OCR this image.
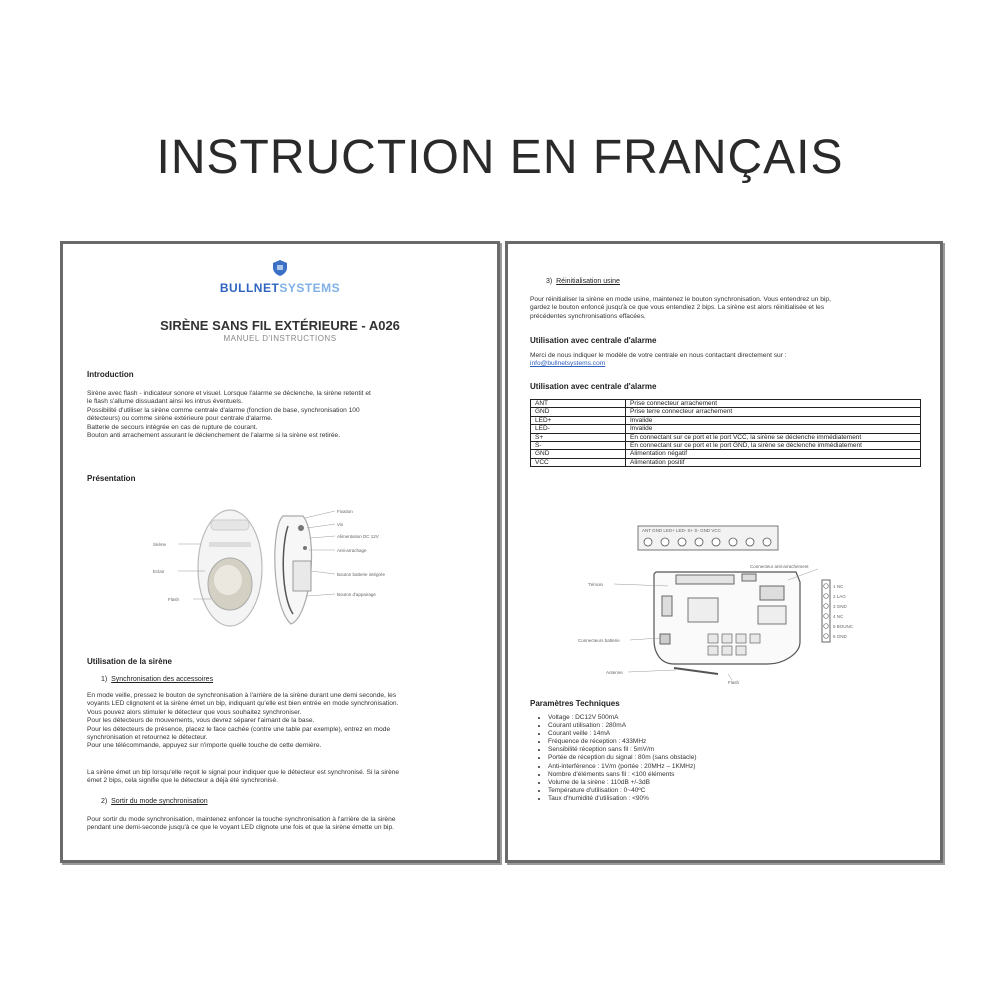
INSTRUCTION EN FRANÇAIS
BULLNETSYSTEMS
SIRÈNE SANS FIL EXTÉRIEURE - A026
MANUEL D'INSTRUCTIONS
Introduction
Sirène avec flash - indicateur sonore et visuel. Lorsque l'alarme se déclenche, la sirène retentit et
le flash s'allume dissuadant ainsi les intrus éventuels.
Possibilité d'utiliser la sirène comme centrale d'alarme (fonction de base, synchronisation 100
détecteurs) ou comme sirène extérieure pour centrale d'alarme.
Batterie de secours intégrée en cas de rupture de courant.
Bouton anti arrachement assurant le déclenchement de l'alarme si la sirène est retirée.
Présentation
Sirène
Eclair
Flash
Fixation
Vis
Alimentation DC 12V
Anti-arrachage
Bouton batterie intégrée
Bouton d'appairage
Utilisation de la sirène
1) Synchronisation des accessoires
En mode veille, pressez le bouton de synchronisation à l'arrière de la sirène durant une demi seconde, les
voyants LED clignotent et la sirène émet un bip, indiquant qu'elle est bien entrée en mode synchronisation.
Vous pouvez alors stimuler le détecteur que vous souhaitez synchroniser.
Pour les détecteurs de mouvements, vous devrez séparer l'aimant de la base.
Pour les détecteurs de présence, placez le face cachée (contre une table par exemple), entrez en mode
synchronisation et retournez le détecteur.
Pour une télécommande, appuyez sur n'importe quelle touche de cette dernière.
La sirène émet un bip lorsqu'elle reçoit le signal pour indiquer que le détecteur est synchronisé. Si la sirène
émet 2 bips, cela signifie que le détecteur a déjà été synchronisé.
2) Sortir du mode synchronisation
Pour sortir du mode synchronisation, maintenez enfoncer la touche synchronisation à l'arrière de la sirène
pendant une demi-seconde jusqu'à ce que le voyant LED clignote une fois et que la sirène émette un bip.
3) Réinitialisation usine
Pour réinitialiser la sirène en mode usine, maintenez le bouton synchronisation. Vous entendrez un bip,
gardez le bouton enfoncé jusqu'à ce que vous entendiez 2 bips. La sirène est alors réinitialisée et les
précédentes synchronisations effacées.
Utilisation avec centrale d'alarme
Merci de nous indiquer le modèle de votre centrale en nous contactant directement sur :
info@bullnetsystems.com
Utilisation avec centrale d'alarme
ANT	Prise connecteur arrachement
GND	Prise terre connecteur arrachement
LED+	Invalide
LED-	Invalide
S+	En connectant sur ce port et le port VCC, la sirène se déclenche immédiatement
S-	En connectant sur ce port et le port GND, la sirène se déclenche immédiatement
GND	Alimentation négatif
VCC	Alimentation positif
ANT GND LED+ LED- S+ S- GND VCC
1 NC
2 LAG
3 GND
4 NC
5 BOUNC
6 GND
Témoin
Connecteur anti-arrachement
Connecteurs batterie
Antenne
Flash
Paramètres Techniques
• Voltage : DC12V 500mA
• Courant utilisation : 280mA
• Courant veille : 14mA
• Fréquence de réception : 433MHz
• Sensibilité réception sans fil : 5mV/m
• Portée de réception du signal : 80m (sans obstacle)
• Anti-interférence : 1V/m (portée : 20MHz – 1KMHz)
• Nombre d'éléments sans fil : <100 éléments
• Volume de la sirène : 110dB +/-3dB
• Température d'utilisation : 0~40ºC
• Taux d'humidité d'utilisation : <90%
